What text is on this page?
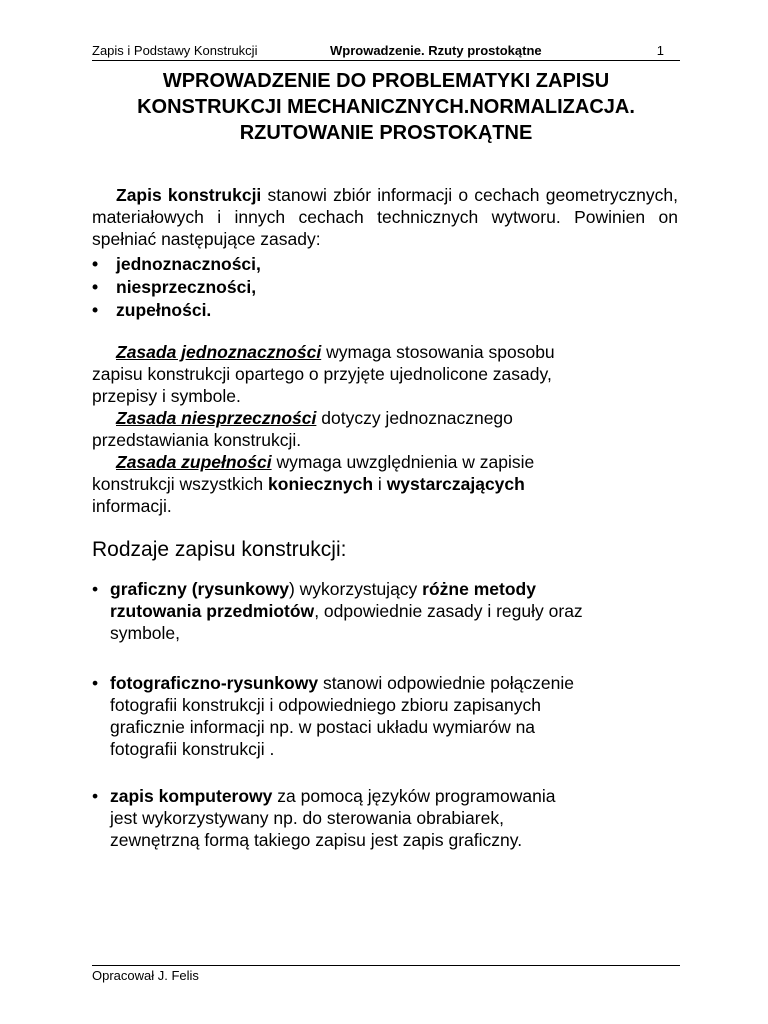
Zapis i Podstawy Konstrukcji	Wprowadzenie. Rzuty prostokątne	1
WPROWADZENIE DO PROBLEMATYKI ZAPISU
KONSTRUKCJI MECHANICZNYCH.NORMALIZACJA.
RZUTOWANIE PROSTOKĄTNE
Zapis konstrukcji stanowi zbiór informacji o cechach geometrycznych, materiałowych i innych cechach technicznych wytworu. Powinien on spełniać następujące zasady:
• jednoznaczności,
• niesprzeczności,
• zupełności.
Zasada jednoznaczności wymaga stosowania sposobu
zapisu konstrukcji opartego o przyjęte ujednolicone zasady,
przepisy i symbole.
Zasada niesprzeczności dotyczy jednoznacznego
przedstawiania konstrukcji.
Zasada zupełności wymaga uwzględnienia w zapisie
konstrukcji wszystkich koniecznych i wystarczających
informacji.
Rodzaje zapisu konstrukcji:
• graficzny (rysunkowy) wykorzystujący różne metody
rzutowania przedmiotów, odpowiednie zasady i reguły oraz
symbole,
• fotograficzno-rysunkowy stanowi odpowiednie połączenie
fotografii konstrukcji i odpowiedniego zbioru zapisanych
graficznie informacji np. w postaci układu wymiarów na
fotografii konstrukcji .
• zapis komputerowy za pomocą języków programowania
jest wykorzystywany np. do sterowania obrabiarek,
zewnętrzną formą takiego zapisu jest zapis graficzny.
Opracował J. Felis
